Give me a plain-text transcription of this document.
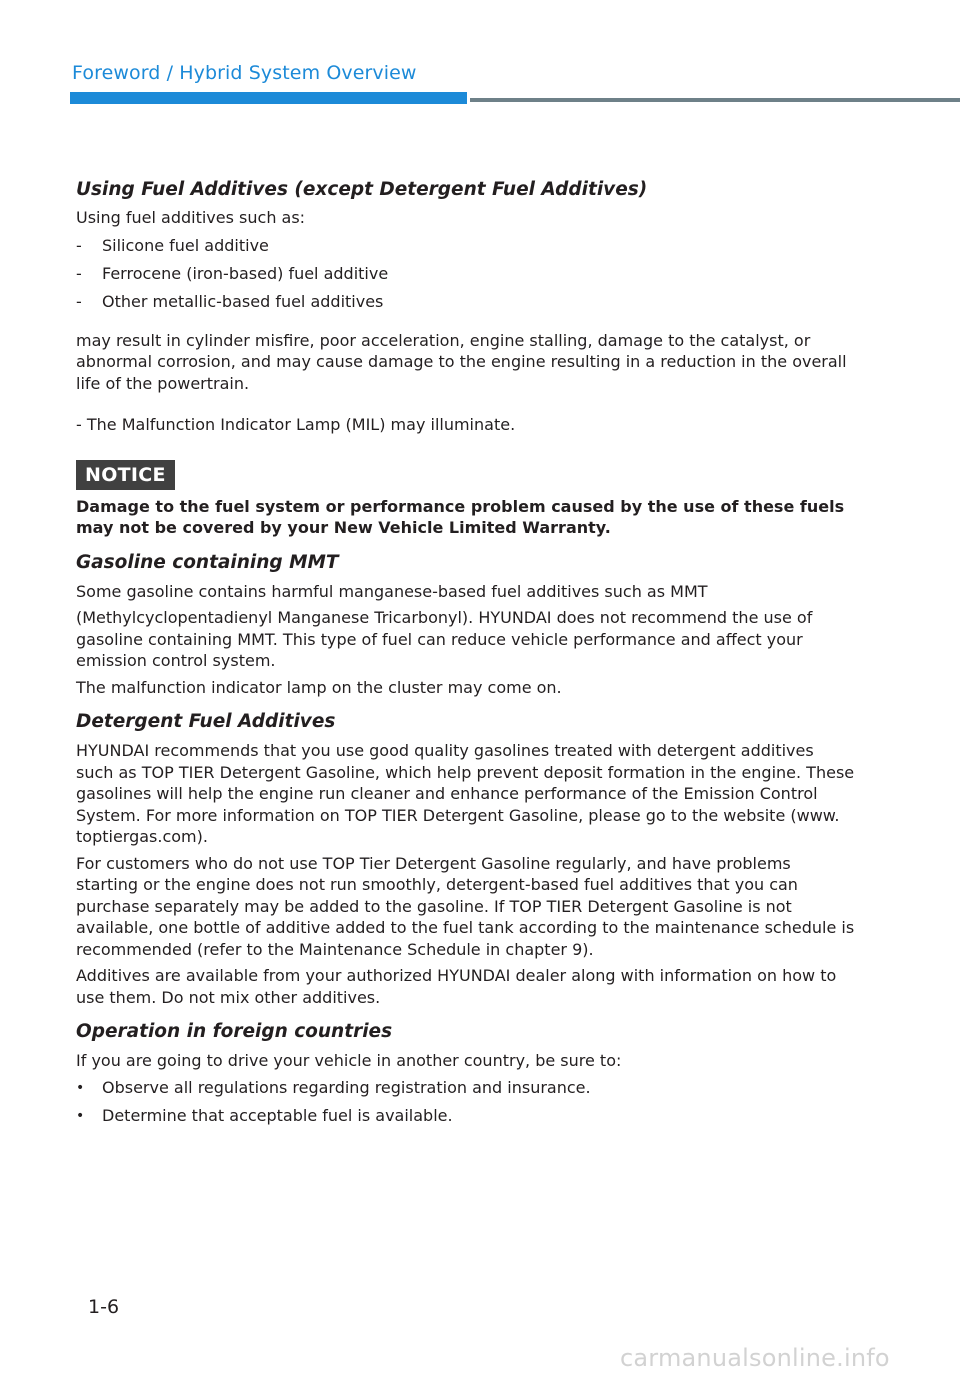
Foreword / Hybrid System Overview
Using Fuel Additives (except Detergent Fuel Additives)

Using fuel additives such as:

- Silicone fuel additive
- Ferrocene (iron-based) fuel additive
- Other metallic-based fuel additives

may result in cylinder misfire, poor acceleration, engine stalling, damage to the catalyst, or abnormal corrosion, and may cause damage to the engine resulting in a reduction in the overall life of the powertrain.

- The Malfunction Indicator Lamp (MIL) may illuminate.

NOTICE

Damage to the fuel system or performance problem caused by the use of these fuels may not be covered by your New Vehicle Limited Warranty.

Gasoline containing MMT

Some gasoline contains harmful manganese-based fuel additives such as MMT

(Methylcyclopentadienyl Manganese Tricarbonyl). HYUNDAI does not recommend the use of gasoline containing MMT. This type of fuel can reduce vehicle performance and affect your emission control system.

The malfunction indicator lamp on the cluster may come on.

Detergent Fuel Additives

HYUNDAI recommends that you use good quality gasolines treated with detergent additives such as TOP TIER Detergent Gasoline, which help prevent deposit formation in the engine. These gasolines will help the engine run cleaner and enhance performance of the Emission Control System. For more information on TOP TIER Detergent Gasoline, please go to the website (www. toptiergas.com).

For customers who do not use TOP Tier Detergent Gasoline regularly, and have problems starting or the engine does not run smoothly, detergent-based fuel additives that you can purchase separately may be added to the gasoline. If TOP TIER Detergent Gasoline is not available, one bottle of additive added to the fuel tank according to the maintenance schedule is recommended (refer to the Maintenance Schedule in chapter 9).

Additives are available from your authorized HYUNDAI dealer along with information on how to use them. Do not mix other additives.

Operation in foreign countries

If you are going to drive your vehicle in another country, be sure to:

• Observe all regulations regarding registration and insurance.
• Determine that acceptable fuel is available.
1-6
carmanualsonline.info
